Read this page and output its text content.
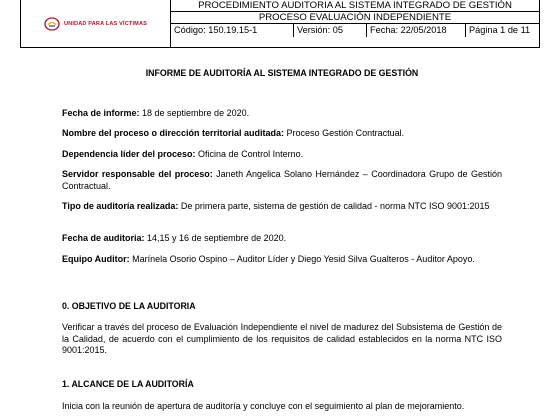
UNIDAD PARA LAS VÍCTIMAS
PROCEDIMIENTO AUDITORIA AL SISTEMA INTEGRADO DE GESTIÓN
PROCESO EVALUACIÓN INDEPENDIENTE
Código: 150.19.15-1	Versión: 05	Fecha: 22/05/2018	Página 1 de 11
INFORME DE AUDITORÍA AL SISTEMA INTEGRADO DE GESTIÓN
Fecha de informe: 18 de septiembre de 2020.
Nombre del proceso o dirección territorial auditada: Proceso Gestión Contractual.
Dependencia líder del proceso: Oficina de Control Interno.
Servidor responsable del proceso: Janeth Angelica Solano Hernández – Coordinadora Grupo de Gestión Contractual.
Tipo de auditoría realizada: De primera parte, sistema de gestión de calidad - norma NTC ISO 9001:2015
Fecha de auditoria: 14,15 y 16 de septiembre de 2020.
Equipo Auditor: Marínela Osorio Ospino – Auditor Líder y Diego Yesid Silva Gualteros - Auditor Apoyo.
0. OBJETIVO DE LA AUDITORIA
Verificar a través del proceso de Evaluación Independiente el nivel de madurez del Subsistema de Gestión de la Calidad, de acuerdo con el cumplimiento de los requisitos de calidad establecidos en la norma NTC ISO 9001:2015.
1. ALCANCE DE LA AUDITORÍA
Inicia con la reunión de apertura de auditoría y concluye con el seguimiento al plan de mejoramiento.
